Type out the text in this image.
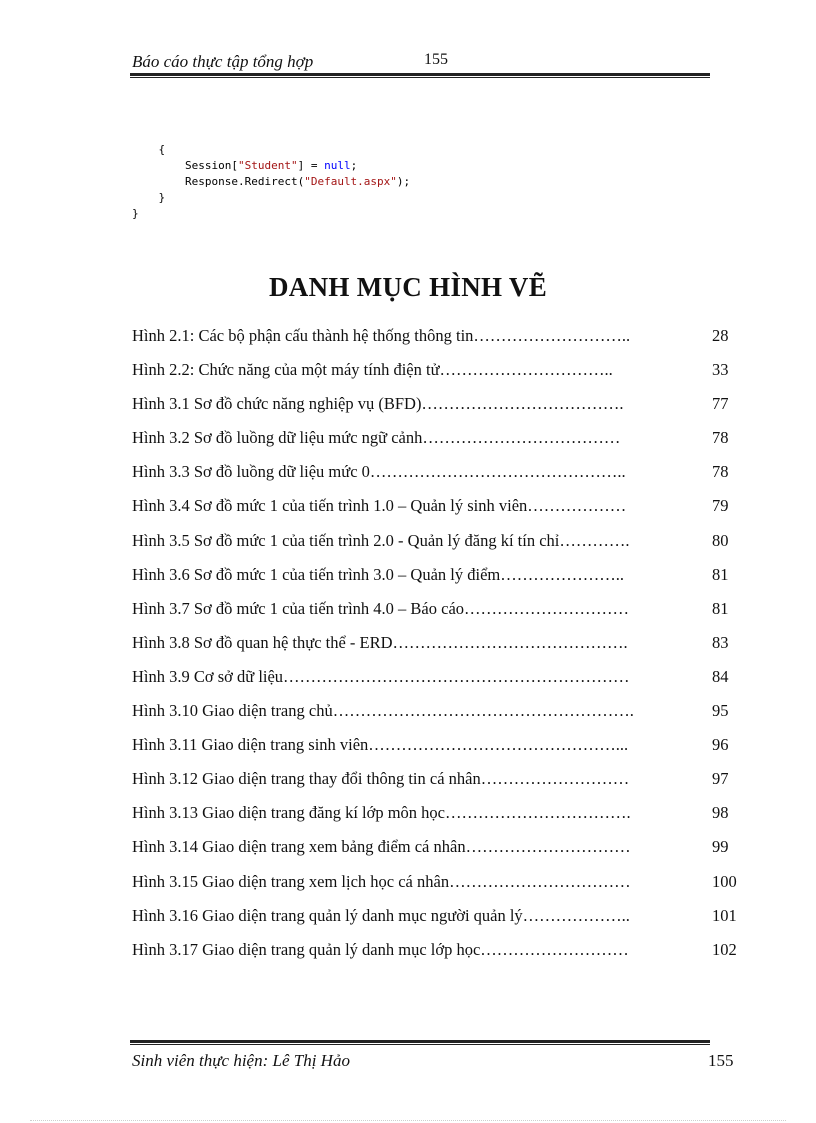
Báo cáo thực tập tổng hợp	155
{
Session["Student"] = null;
Response.Redirect("Default.aspx");
}
}
DANH MỤC HÌNH VẼ
Hình 2.1: Các bộ phận cấu thành hệ thống thông tin………………………..	28
Hình 2.2: Chức năng của một máy tính điện tử…………………………..	33
Hình 3.1 Sơ đồ chức năng nghiệp vụ (BFD)……………………………….	77
Hình 3.2 Sơ đồ luồng dữ liệu mức ngữ cảnh………………………………	78
Hình 3.3 Sơ đồ luồng dữ liệu mức 0………………………………………..	78
Hình 3.4 Sơ đồ mức 1 của tiến trình 1.0 – Quản lý sinh viên………………	79
Hình 3.5 Sơ đồ mức 1 của tiến trình 2.0 - Quản lý đăng kí tín chỉ………….	80
Hình 3.6 Sơ đồ mức 1 của tiến trình 3.0 – Quản lý điểm…………………..	81
Hình 3.7 Sơ đồ mức 1 của tiến trình 4.0 – Báo cáo…………………………	81
Hình 3.8 Sơ đồ quan hệ thực thể - ERD…………………………………….	83
Hình 3.9 Cơ sở dữ liệu………………………………………………………	84
Hình 3.10 Giao diện trang chủ……………………………………………….	95
Hình 3.11 Giao diện trang sinh viên………………………………………...	96
Hình 3.12 Giao diện trang thay đổi thông tin cá nhân………………………	97
Hình 3.13 Giao diện trang đăng kí lớp môn học…………………………….	98
Hình 3.14 Giao diện trang xem bảng điểm cá nhân…………………………	99
Hình 3.15 Giao diện trang xem lịch học cá nhân……………………………	100
Hình 3.16 Giao diện trang quản lý danh mục người quản lý………………..	101
Hình 3.17 Giao diện trang quản lý danh mục lớp học………………………	102
Sinh viên thực hiện: Lê Thị Hảo	155
